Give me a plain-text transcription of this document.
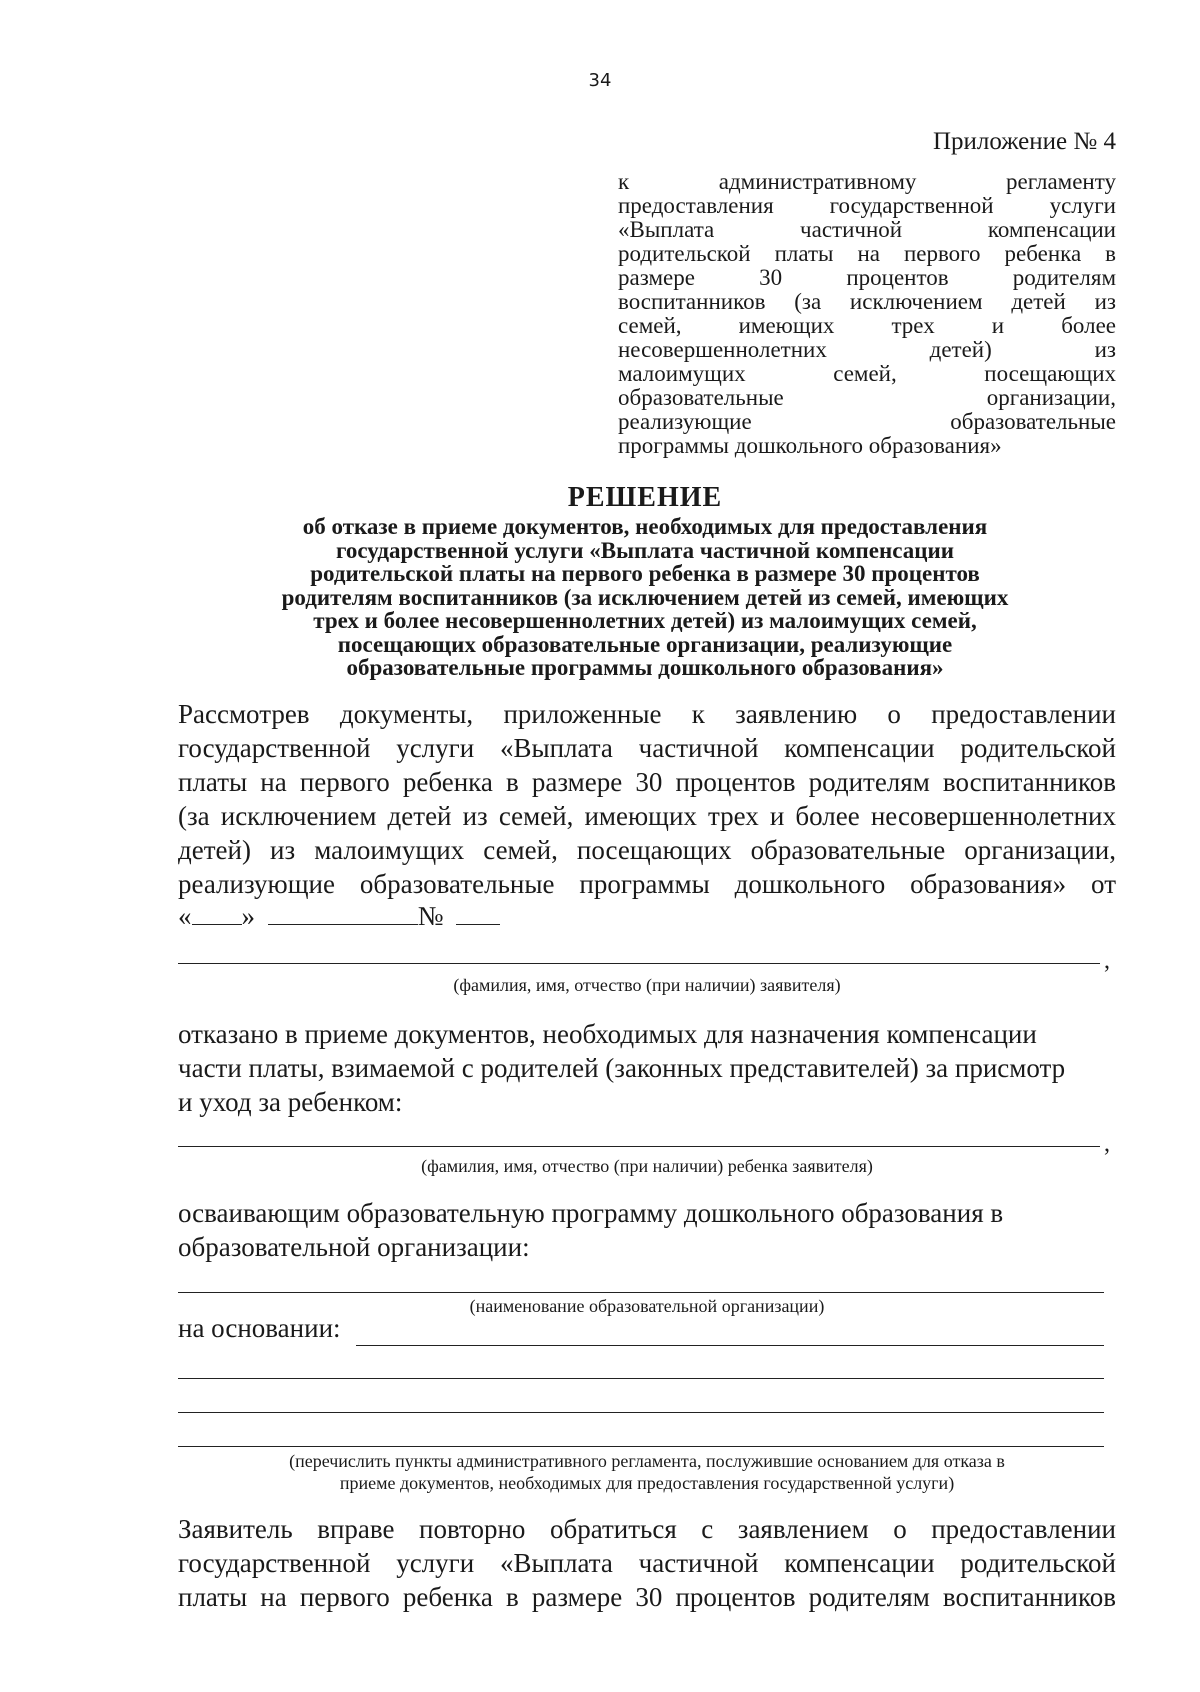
34
Приложение № 4
к административному регламенту
предоставления государственной услуги
«Выплата частичной компенсации
родительской платы на первого ребенка в
размере 30 процентов родителям
воспитанников (за исключением детей из
семей, имеющих трех и более
несовершеннолетних детей) из
малоимущих семей, посещающих
образовательные организации,
реализующие образовательные
программы дошкольного образования»
РЕШЕНИЕ
об отказе в приеме документов, необходимых для предоставления
государственной услуги «Выплата частичной компенсации
родительской платы на первого ребенка в размере 30 процентов
родителям воспитанников (за исключением детей из семей, имеющих
трех и более несовершеннолетних детей) из малоимущих семей,
посещающих образовательные организации, реализующие
образовательные программы дошкольного образования»
Рассмотрев документы, приложенные к заявлению о предоставлении
государственной услуги «Выплата частичной компенсации родительской
платы на первого ребенка в размере 30 процентов родителям воспитанников
(за исключением детей из семей, имеющих трех и более несовершеннолетних
детей) из малоимущих семей, посещающих образовательные организации,
реализующие образовательные программы дошкольного образования» от
« »	№
,
(фамилия, имя, отчество (при наличии) заявителя)
отказано в приеме документов, необходимых для назначения компенсации
части платы, взимаемой с родителей (законных представителей) за присмотр
и уход за ребенком:
,
(фамилия, имя, отчество (при наличии) ребенка заявителя)
осваивающим образовательную программу дошкольного образования в
образовательной организации:
(наименование образовательной организации)
на основании:
(перечислить пункты административного регламента, послужившие основанием для отказа в
приеме документов, необходимых для предоставления государственной услуги)
Заявитель вправе повторно обратиться с заявлением о предоставлении
государственной услуги «Выплата частичной компенсации родительской
платы на первого ребенка в размере 30 процентов родителям воспитанников
